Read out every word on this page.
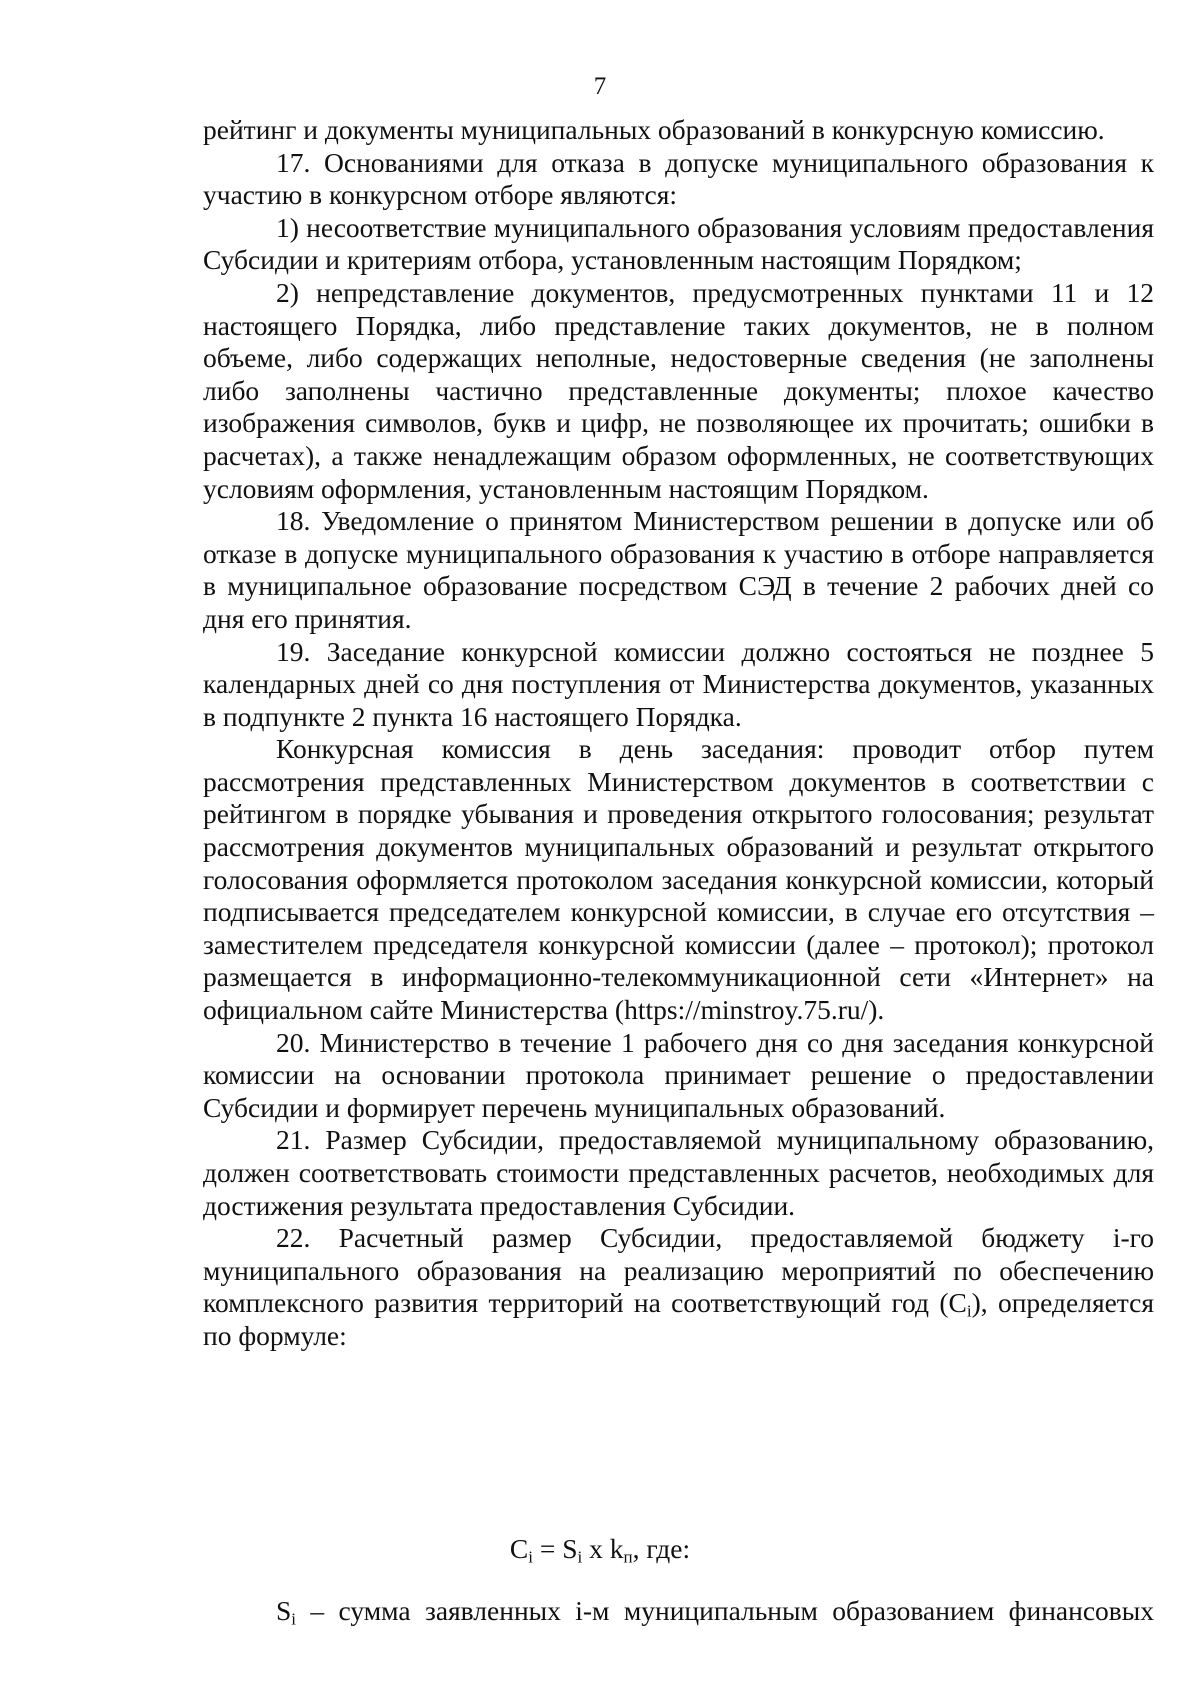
7

рейтинг и документы муниципальных образований в конкурсную комиссию.

17. Основаниями для отказа в допуске муниципального образования к участию в конкурсном отборе являются:

1) несоответствие муниципального образования условиям предоставления Субсидии и критериям отбора, установленным настоящим Порядком;

2) непредставление документов, предусмотренных пунктами 11 и 12 настоящего Порядка, либо представление таких документов, не в полном объеме, либо содержащих неполные, недостоверные сведения (не заполнены либо заполнены частично представленные документы; плохое качество изображения символов, букв и цифр, не позволяющее их прочитать; ошибки в расчетах), а также ненадлежащим образом оформленных, не соответствующих условиям оформления, установленным настоящим Порядком.

18. Уведомление о принятом Министерством решении в допуске или об отказе в допуске муниципального образования к участию в отборе направляется в муниципальное образование посредством СЭД в течение 2 рабочих дней со дня его принятия.

19. Заседание конкурсной комиссии должно состояться не позднее 5 календарных дней со дня поступления от Министерства документов, указанных в подпункте 2 пункта 16 настоящего Порядка.

Конкурсная комиссия в день заседания: проводит отбор путем рассмотрения представленных Министерством документов в соответствии с рейтингом в порядке убывания и проведения открытого голосования; результат рассмотрения документов муниципальных образований и результат открытого голосования оформляется протоколом заседания конкурсной комиссии, который подписывается председателем конкурсной комиссии, в случае его отсутствия – заместителем председателя конкурсной комиссии (далее – протокол); протокол размещается в информационно-телекоммуникационной сети «Интернет» на официальном сайте Министерства (https://minstroy.75.ru/).

20. Министерство в течение 1 рабочего дня со дня заседания конкурсной комиссии на основании протокола принимает решение о предоставлении Субсидии и формирует перечень муниципальных образований.

21. Размер Субсидии, предоставляемой муниципальному образованию, должен соответствовать стоимости представленных расчетов, необходимых для достижения результата предоставления Субсидии.

22. Расчетный размер Субсидии, предоставляемой бюджету i-го муниципального образования на реализацию мероприятий по обеспечению комплексного развития территорий на соответствующий год $(C_i)$, определяется по формуле:

$C_i = S_i$ x $k_п$, где:
$S_i$ – сумма заявленных i-м муниципальным образованием финансовых
